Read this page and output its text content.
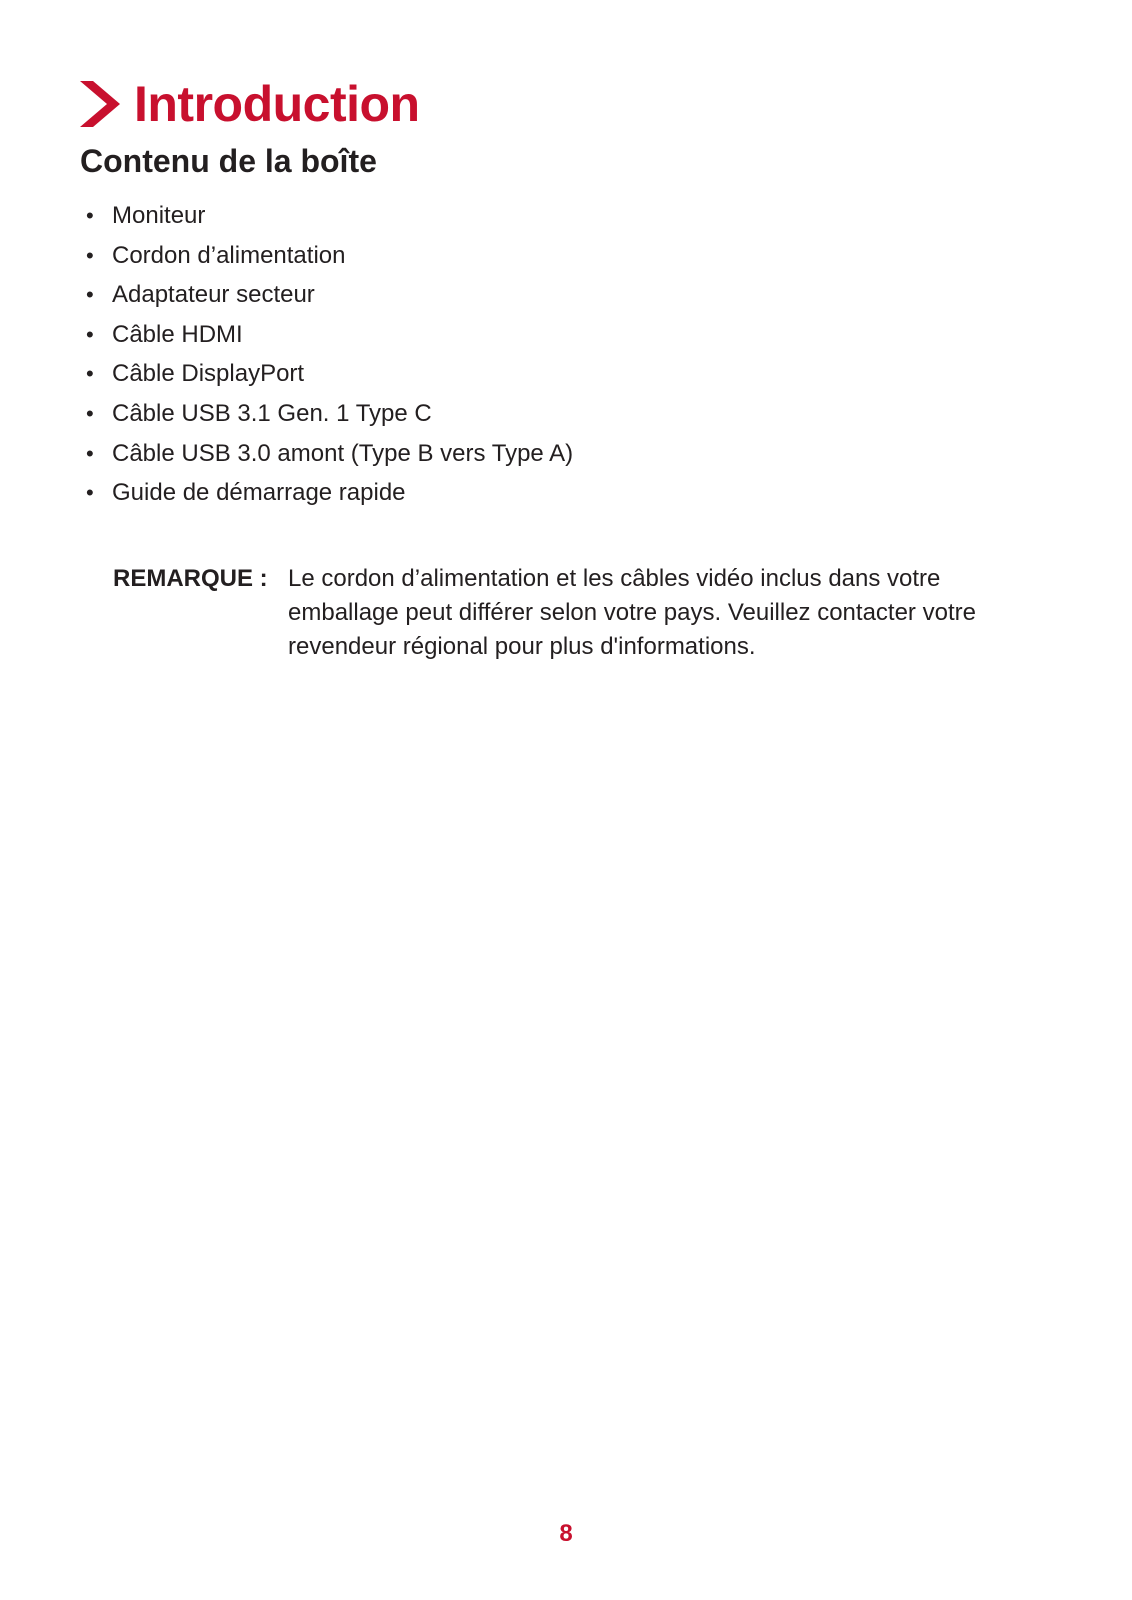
Introduction
Contenu de la boîte
• Moniteur
• Cordon d’alimentation
• Adaptateur secteur
• Câble HDMI
• Câble DisplayPort
• Câble USB 3.1 Gen. 1 Type C
• Câble USB 3.0 amont (Type B vers Type A)
• Guide de démarrage rapide
REMARQUE : Le cordon d’alimentation et les câbles vidéo inclus dans votre emballage peut différer selon votre pays. Veuillez contacter votre revendeur régional pour plus d'informations.
8
